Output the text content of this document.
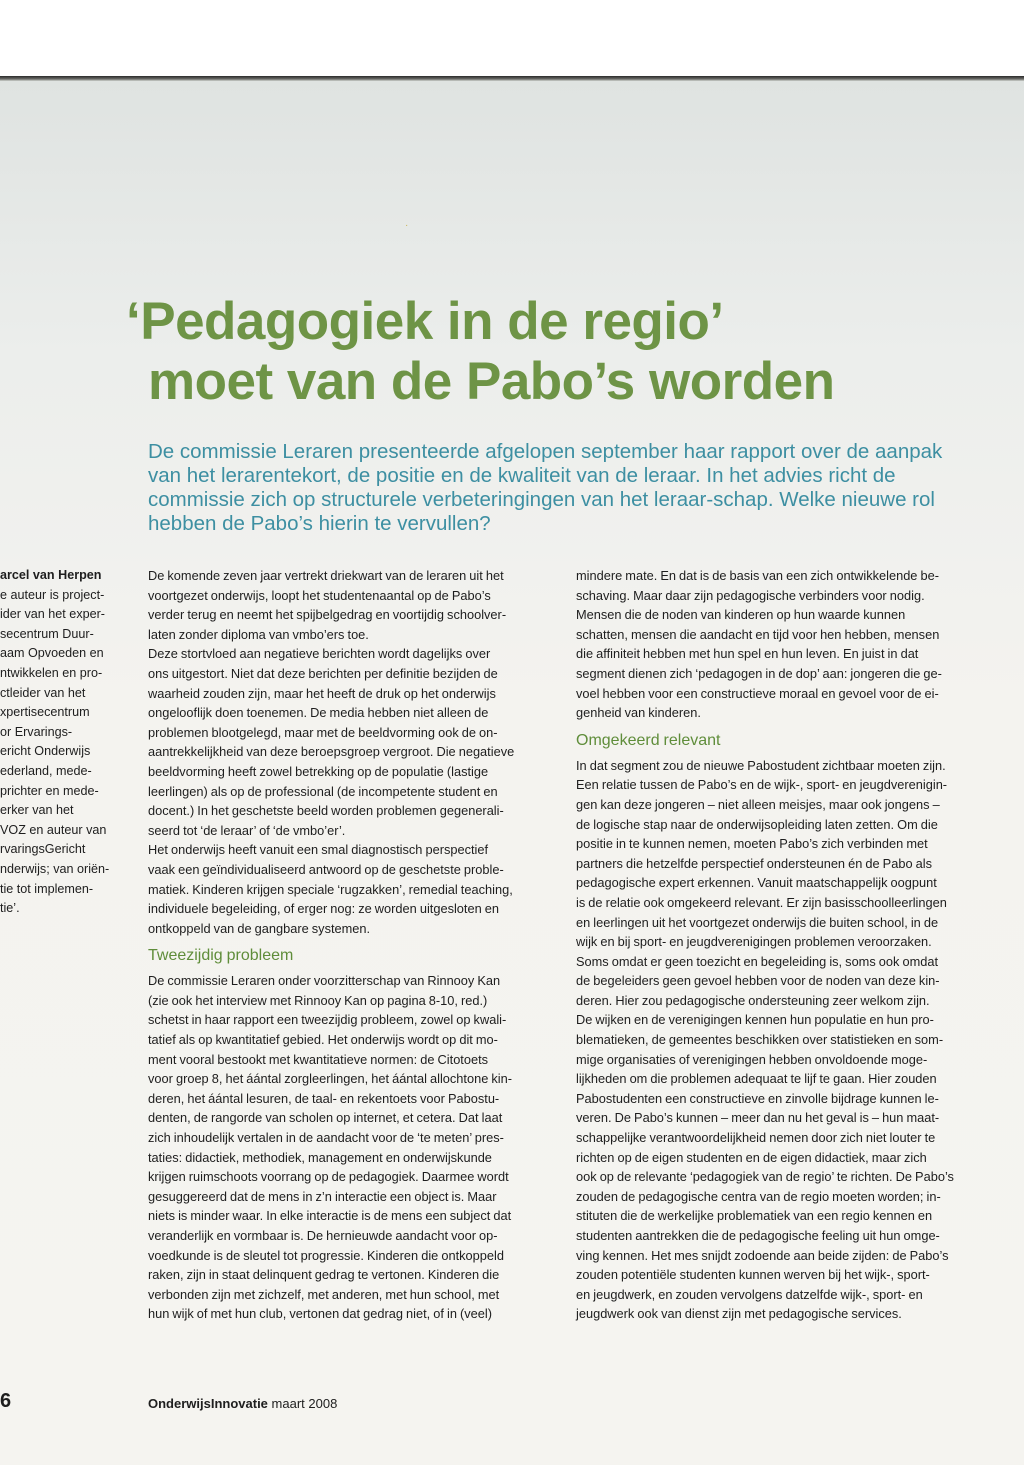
·
‘Pedagogiek in de regio’
moet van de Pabo’s worden

De commissie Leraren presenteerde afgelopen september haar rapport over de aanpak van het lerarentekort, de positie en de kwaliteit van de leraar. In het advies richt de commissie zich op structurele verbeteringingen van het leraar-schap. Welke nieuwe rol hebben de Pabo’s hierin te vervullen?

arcel van Herpen
e auteur is project-
ider van het exper-
secentrum Duur-
aam Opvoeden en
ntwikkelen en pro-
ctleider van het
xpertisecentrum
or Ervarings-
ericht Onderwijs
ederland, mede-
prichter en mede-
erker van het
VOZ en auteur van
rvaringsGericht
nderwijs; van oriën-
tie tot implemen-
tie’.
De komende zeven jaar vertrekt driekwart van de leraren uit het
voortgezet onderwijs, loopt het studentenaantal op de Pabo’s
verder terug en neemt het spijbelgedrag en voortijdig schoolver-
laten zonder diploma van vmbo’ers toe.
Deze stortvloed aan negatieve berichten wordt dagelijks over
ons uitgestort. Niet dat deze berichten per definitie bezijden de
waarheid zouden zijn, maar het heeft de druk op het onderwijs
ongelooflijk doen toenemen. De media hebben niet alleen de
problemen blootgelegd, maar met de beeldvorming ook de on-
aantrekkelijkheid van deze beroepsgroep vergroot. Die negatieve
beeldvorming heeft zowel betrekking op de populatie (lastige
leerlingen) als op de professional (de incompetente student en
docent.) In het geschetste beeld worden problemen gegenerali-
seerd tot ‘de leraar’ of ‘de vmbo’er’.
Het onderwijs heeft vanuit een smal diagnostisch perspectief
vaak een geïndividualiseerd antwoord op de geschetste proble-
matiek. Kinderen krijgen speciale ‘rugzakken’, remedial teaching,
individuele begeleiding, of erger nog: ze worden uitgesloten en
ontkoppeld van de gangbare systemen.
Tweezijdig probleem
De commissie Leraren onder voorzitterschap van Rinnooy Kan
(zie ook het interview met Rinnooy Kan op pagina 8-10, red.)
schetst in haar rapport een tweezijdig probleem, zowel op kwali-
tatief als op kwantitatief gebied. Het onderwijs wordt op dit mo-
ment vooral bestookt met kwantitatieve normen: de Citotoets
voor groep 8, het áántal zorgleerlingen, het áántal allochtone kin-
deren, het áántal lesuren, de taal- en rekentoets voor Pabostu-
denten, de rangorde van scholen op internet, et cetera. Dat laat
zich inhoudelijk vertalen in de aandacht voor de ‘te meten’ pres-
taties: didactiek, methodiek, management en onderwijskunde
krijgen ruimschoots voorrang op de pedagogiek. Daarmee wordt
gesuggereerd dat de mens in z’n interactie een object is. Maar
niets is minder waar. In elke interactie is de mens een subject dat
veranderlijk en vormbaar is. De hernieuwde aandacht voor op-
voedkunde is de sleutel tot progressie. Kinderen die ontkoppeld
raken, zijn in staat delinquent gedrag te vertonen. Kinderen die
verbonden zijn met zichzelf, met anderen, met hun school, met
hun wijk of met hun club, vertonen dat gedrag niet, of in (veel)
mindere mate. En dat is de basis van een zich ontwikkelende be-
schaving. Maar daar zijn pedagogische verbinders voor nodig.
Mensen die de noden van kinderen op hun waarde kunnen
schatten, mensen die aandacht en tijd voor hen hebben, mensen
die affiniteit hebben met hun spel en hun leven. En juist in dat
segment dienen zich ‘pedagogen in de dop’ aan: jongeren die ge-
voel hebben voor een constructieve moraal en gevoel voor de ei-
genheid van kinderen.
Omgekeerd relevant
In dat segment zou de nieuwe Pabostudent zichtbaar moeten zijn.
Een relatie tussen de Pabo’s en de wijk-, sport- en jeugdverenigin-
gen kan deze jongeren – niet alleen meisjes, maar ook jongens –
de logische stap naar de onderwijsopleiding laten zetten. Om die
positie in te kunnen nemen, moeten Pabo’s zich verbinden met
partners die hetzelfde perspectief ondersteunen én de Pabo als
pedagogische expert erkennen. Vanuit maatschappelijk oogpunt
is de relatie ook omgekeerd relevant. Er zijn basisschoolleerlingen
en leerlingen uit het voortgezet onderwijs die buiten school, in de
wijk en bij sport- en jeugdverenigingen problemen veroorzaken.
Soms omdat er geen toezicht en begeleiding is, soms ook omdat
de begeleiders geen gevoel hebben voor de noden van deze kin-
deren. Hier zou pedagogische ondersteuning zeer welkom zijn.
De wijken en de verenigingen kennen hun populatie en hun pro-
blematieken, de gemeentes beschikken over statistieken en som-
mige organisaties of verenigingen hebben onvoldoende moge-
lijkheden om die problemen adequaat te lijf te gaan. Hier zouden
Pabostudenten een constructieve en zinvolle bijdrage kunnen le-
veren. De Pabo’s kunnen – meer dan nu het geval is – hun maat-
schappelijke verantwoordelijkheid nemen door zich niet louter te
richten op de eigen studenten en de eigen didactiek, maar zich
ook op de relevante ‘pedagogiek van de regio’ te richten. De Pabo’s
zouden de pedagogische centra van de regio moeten worden; in-
stituten die de werkelijke problematiek van een regio kennen en
studenten aantrekken die de pedagogische feeling uit hun omge-
ving kennen. Het mes snijdt zodoende aan beide zijden: de Pabo’s
zouden potentiële studenten kunnen werven bij het wijk-, sport-
en jeugdwerk, en zouden vervolgens datzelfde wijk-, sport- en
jeugdwerk ook van dienst zijn met pedagogische services.
6	OnderwijsInnovatie maart 2008
